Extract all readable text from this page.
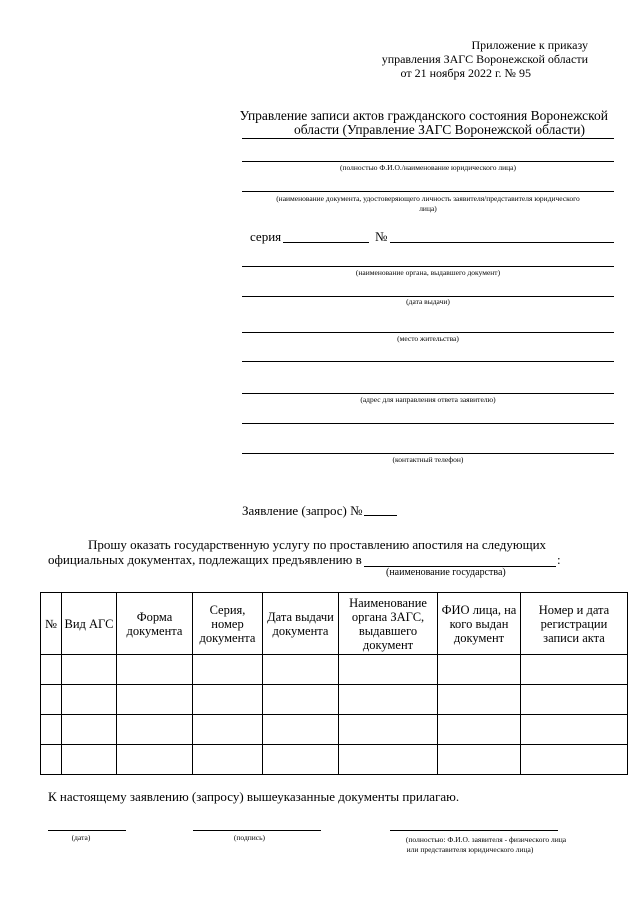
Приложение к приказу
управления ЗАГС Воронежской области
от 21 ноября 2022 г. № 95
Управление записи актов гражданского состояния Воронежской
области (Управление ЗАГС Воронежской области)
(полностью Ф.И.О./наименование юридического лица)
(наименование документа, удостоверяющего личность заявителя/представителя юридического
лица)
серия	№
(наименование органа, выдавшего документ)
(дата выдачи)
(место жительства)
(адрес для направления ответа заявителю)
(контактный телефон)
Заявление (запрос) №
Прошу оказать государственную услугу по проставлению апостиля на следующих
официальных документах, подлежащих предъявлению в	:
(наименование государства)
№	Вид АГС	Форма документа	Серия, номер документа	Дата выдачи документа	Наименование органа ЗАГС, выдавшего документ	ФИО лица, на кого выдан документ	Номер и дата регистрации записи акта

К настоящему заявлению (запросу) вышеуказанные документы прилагаю.
(дата)	(подпись)	(полностью: Ф.И.О. заявителя - физического лица
или представителя юридического лица)
